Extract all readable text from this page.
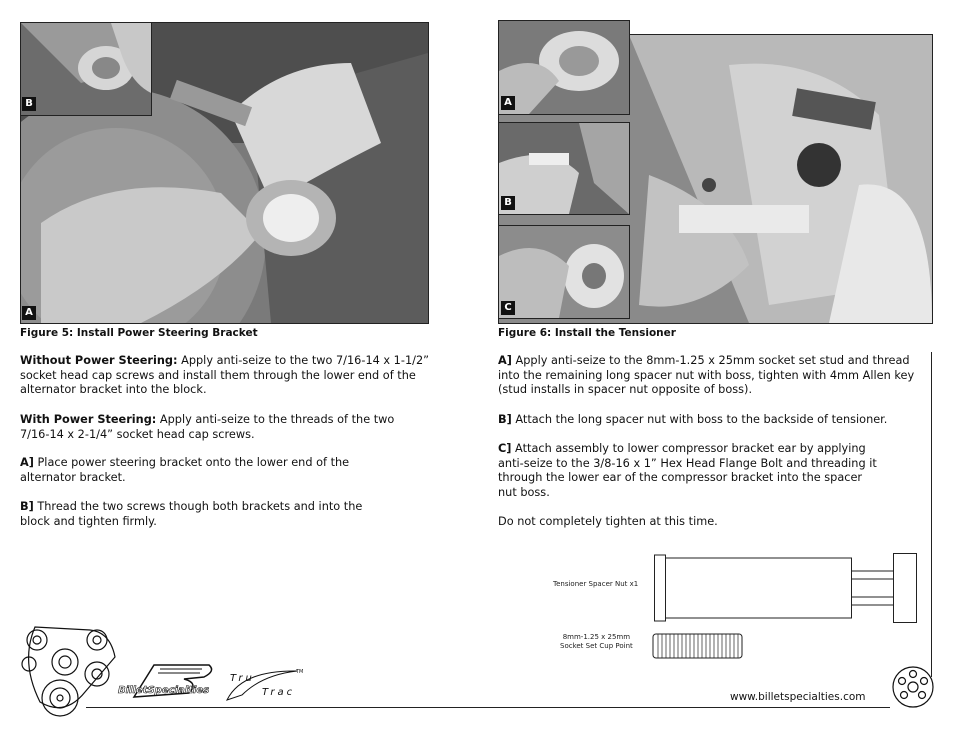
B
A
Figure 5: Install Power Steering Bracket
Without Power Steering: Apply anti-seize to the two 7/16-14 x 1-1/2”
socket head cap screws and install them through the lower end of the
alternator bracket into the block.
With Power Steering: Apply anti-seize to the threads of the two
7/16-14 x 2-1/4” socket head cap screws.
A] Place power steering bracket onto the lower end of the
alternator bracket.
B] Thread the two screws though both brackets and into the
block and tighten firmly.
BilletSpecialties
Tru
Trac
TM
A
B
C
Figure 6: Install the Tensioner
A] Apply anti-seize to the 8mm-1.25 x 25mm socket set stud and thread
into the remaining long spacer nut with boss, tighten with 4mm Allen key
(stud installs in spacer nut opposite of boss).
B] Attach the long spacer nut with boss to the backside of tensioner.
C] Attach assembly to lower compressor bracket ear by applying
anti-seize to the 3/8-16 x 1” Hex Head Flange Bolt and threading it
through the lower ear of the compressor bracket into the spacer
nut boss.
Do not completely tighten at this time.
Tensioner Spacer Nut x1
8mm-1.25 x 25mm
Socket Set Cup Point
www.billetspecialties.com
